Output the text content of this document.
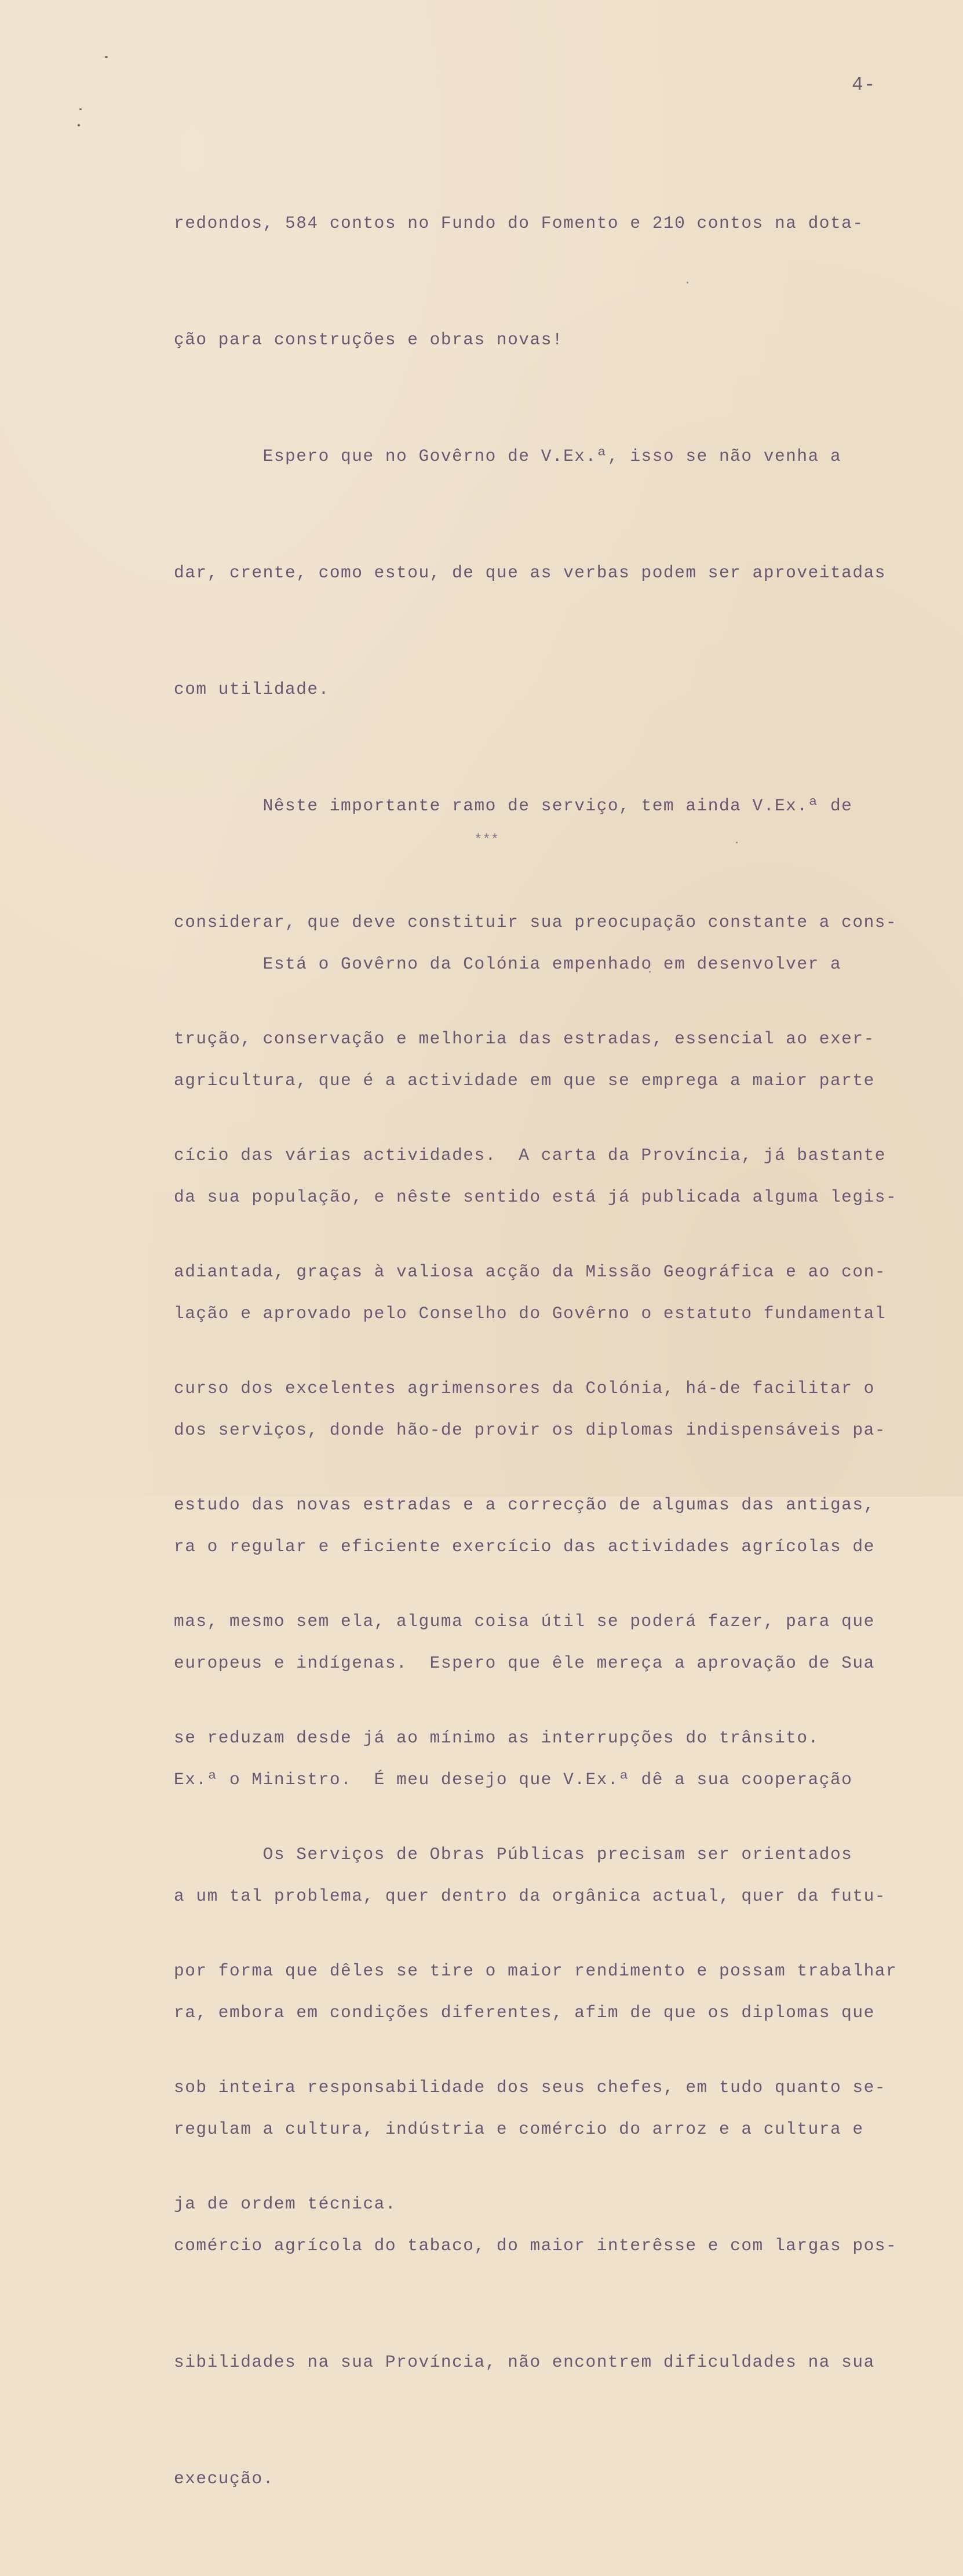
4-

redondos, 584 contos no Fundo do Fomento e 210 contos na dota-

ção para construções e obras novas!

Espero que no Govêrno de V.Ex.ª, isso se não venha a

dar, crente, como estou, de que as verbas podem ser aproveitadas

com utilidade.

Nêste importante ramo de serviço, tem ainda V.Ex.ª de

considerar, que deve constituir sua preocupação constante a cons-

trução, conservação e melhoria das estradas, essencial ao exer-

cício das várias actividades.  A carta da Província, já bastante

adiantada, graças à valiosa acção da Missão Geográfica e ao con-

curso dos excelentes agrimensores da Colónia, há-de facilitar o

estudo das novas estradas e a correcção de algumas das antigas,

mas, mesmo sem ela, alguma coisa útil se poderá fazer, para que

se reduzam desde já ao mínimo as interrupções do trânsito.

Os Serviços de Obras Públicas precisam ser orientados

por forma que dêles se tire o maior rendimento e possam trabalhar

sob inteira responsabilidade dos seus chefes, em tudo quanto se-

ja de ordem técnica.

***

Está o Govêrno da Colónia empenhado em desenvolver a

agricultura, que é a actividade em que se emprega a maior parte

da sua população, e nêste sentido está já publicada alguma legis-

lação e aprovado pelo Conselho do Govêrno o estatuto fundamental

dos serviços, donde hão-de provir os diplomas indispensáveis pa-

ra o regular e eficiente exercício das actividades agrícolas de

europeus e indígenas.  Espero que êle mereça a aprovação de Sua

Ex.ª o Ministro.  É meu desejo que V.Ex.ª dê a sua cooperação

a um tal problema, quer dentro da orgânica actual, quer da futu-

ra, embora em condições diferentes, afim de que os diplomas que

regulam a cultura, indústria e comércio do arroz e a cultura e

comércio agrícola do tabaco, do maior interêsse e com largas pos-

sibilidades na sua Província, não encontrem dificuldades na sua

execução.
